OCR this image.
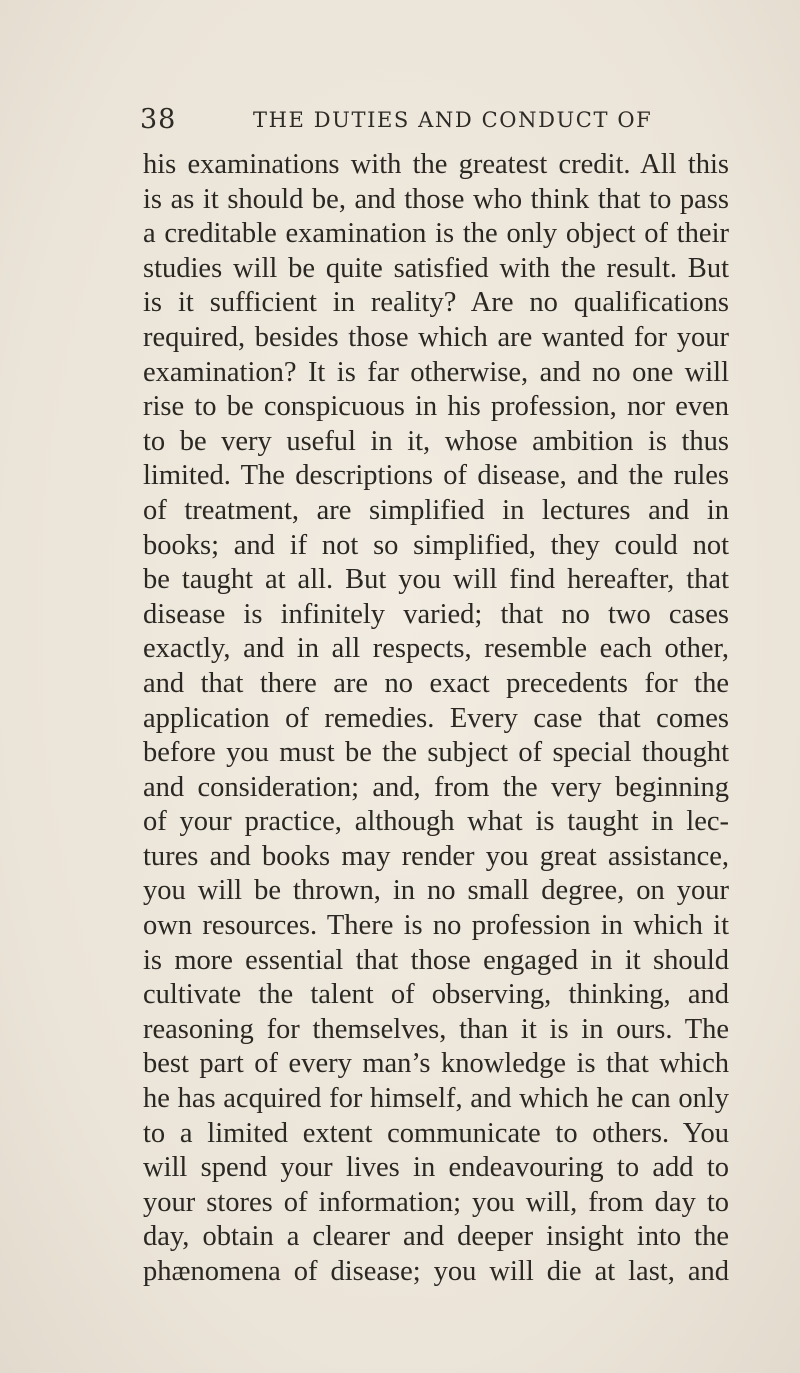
38	THE DUTIES AND CONDUCT OF
his examinations with the greatest credit. All this
is as it should be, and those who think that to pass
a creditable examination is the only object of their
studies will be quite satisfied with the result. But
is it sufficient in reality? Are no qualifications
required, besides those which are wanted for your
examination? It is far otherwise, and no one will
rise to be conspicuous in his profession, nor even
to be very useful in it, whose ambition is thus
limited. The descriptions of disease, and the rules
of treatment, are simplified in lectures and in
books; and if not so simplified, they could not
be taught at all. But you will find hereafter, that
disease is infinitely varied; that no two cases
exactly, and in all respects, resemble each other,
and that there are no exact precedents for the
application of remedies. Every case that comes
before you must be the subject of special thought
and consideration; and, from the very beginning
of your practice, although what is taught in lec-
tures and books may render you great assistance,
you will be thrown, in no small degree, on your
own resources. There is no profession in which it
is more essential that those engaged in it should
cultivate the talent of observing, thinking, and
reasoning for themselves, than it is in ours. The
best part of every man’s knowledge is that which
he has acquired for himself, and which he can only
to a limited extent communicate to others. You
will spend your lives in endeavouring to add to
your stores of information; you will, from day to
day, obtain a clearer and deeper insight into the
phænomena of disease; you will die at last, and
